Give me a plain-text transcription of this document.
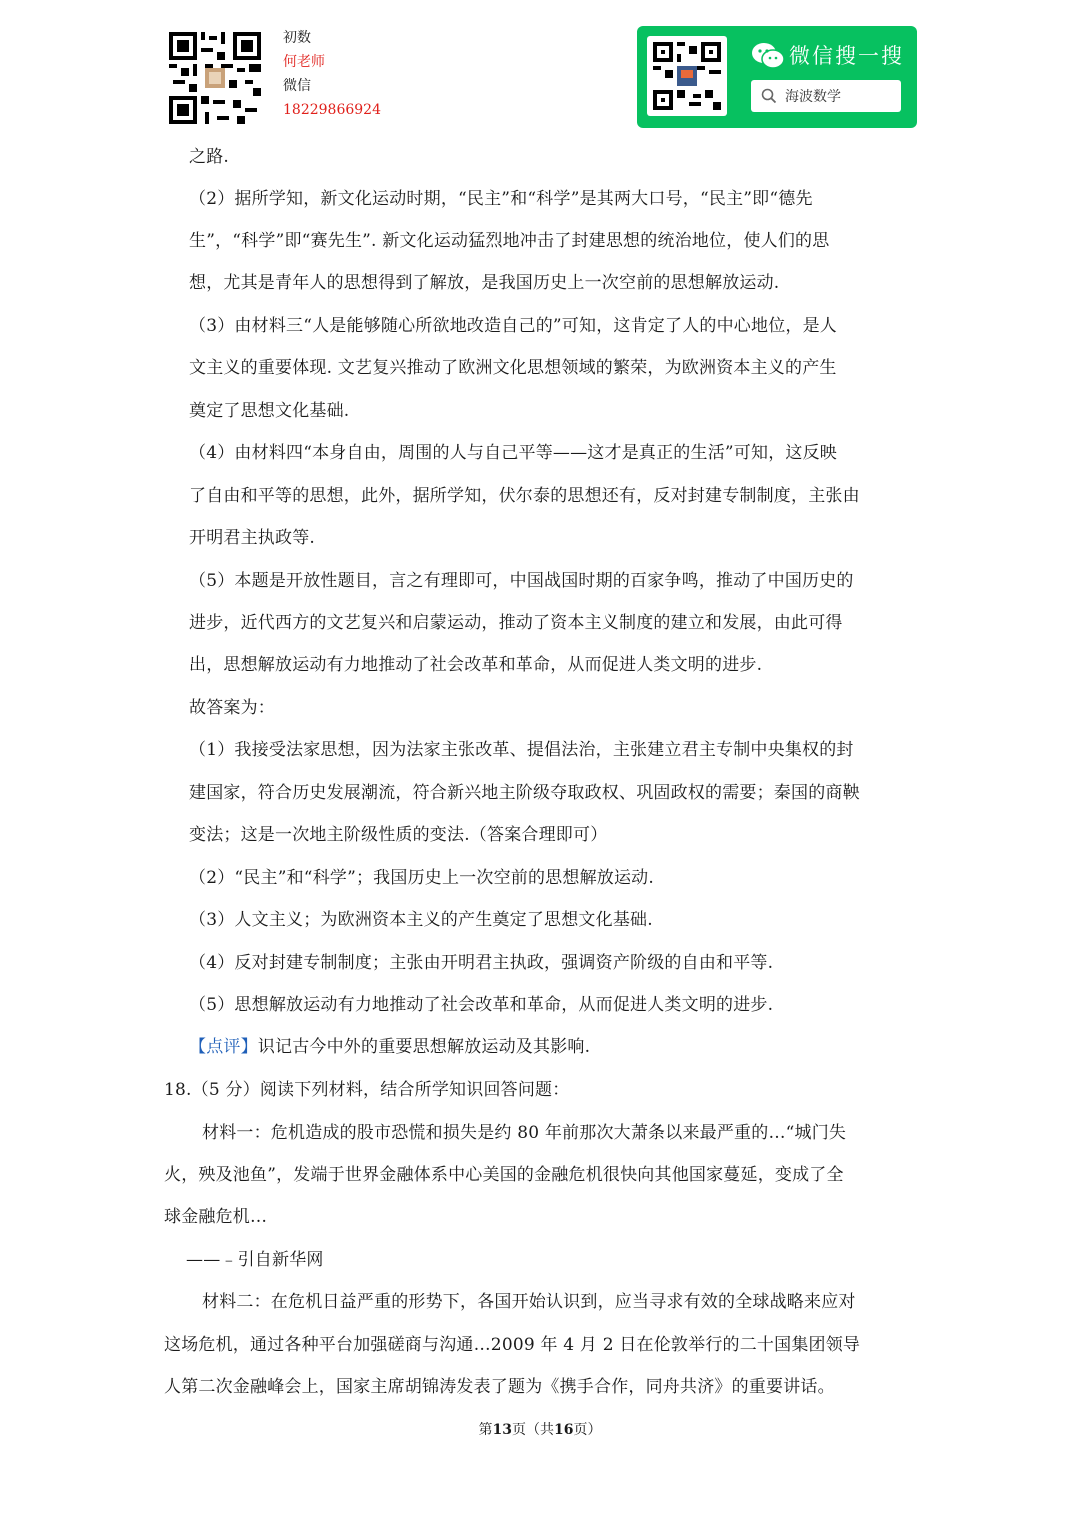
初数
何老师
微信
18229866924
微信搜一搜
海波数学
之路.
（2）据所学知，新文化运动时期，“民主”和“科学”是其两大口号，“民主”即“德先
生”，“科学”即“赛先生”. 新文化运动猛烈地冲击了封建思想的统治地位，使人们的思
想，尤其是青年人的思想得到了解放，是我国历史上一次空前的思想解放运动.
（3）由材料三“人是能够随心所欲地改造自己的”可知，这肯定了人的中心地位，是人
文主义的重要体现. 文艺复兴推动了欧洲文化思想领域的繁荣，为欧洲资本主义的产生
奠定了思想文化基础.
（4）由材料四“本身自由，周围的人与自己平等——这才是真正的生活”可知，这反映
了自由和平等的思想，此外，据所学知，伏尔泰的思想还有，反对封建专制制度，主张由
开明君主执政等.
（5）本题是开放性题目，言之有理即可，中国战国时期的百家争鸣，推动了中国历史的
进步，近代西方的文艺复兴和启蒙运动，推动了资本主义制度的建立和发展，由此可得
出，思想解放运动有力地推动了社会改革和革命，从而促进人类文明的进步.
故答案为：
（1）我接受法家思想，因为法家主张改革、提倡法治，主张建立君主专制中央集权的封
建国家，符合历史发展潮流，符合新兴地主阶级夺取政权、巩固政权的需要；秦国的商鞅
变法；这是一次地主阶级性质的变法.（答案合理即可）
（2）“民主”和“科学”；我国历史上一次空前的思想解放运动.
（3）人文主义；为欧洲资本主义的产生奠定了思想文化基础.
（4）反对封建专制制度；主张由开明君主执政，强调资产阶级的自由和平等.
（5）思想解放运动有力地推动了社会改革和革命，从而促进人类文明的进步.
【点评】识记古今中外的重要思想解放运动及其影响.
18.（5 分）阅读下列材料，结合所学知识回答问题：
材料一：危机造成的股市恐慌和损失是约 80 年前那次大萧条以来最严重的…“城门失
火，殃及池鱼”，发端于世界金融体系中心美国的金融危机很快向其他国家蔓延，变成了全
球金融危机…
——﹣引自新华网
材料二：在危机日益严重的形势下，各国开始认识到，应当寻求有效的全球战略来应对
这场危机，通过各种平台加强磋商与沟通…2009 年 4 月 2 日在伦敦举行的二十国集团领导
人第二次金融峰会上，国家主席胡锦涛发表了题为《携手合作，同舟共济》的重要讲话。
第13页（共16页）
